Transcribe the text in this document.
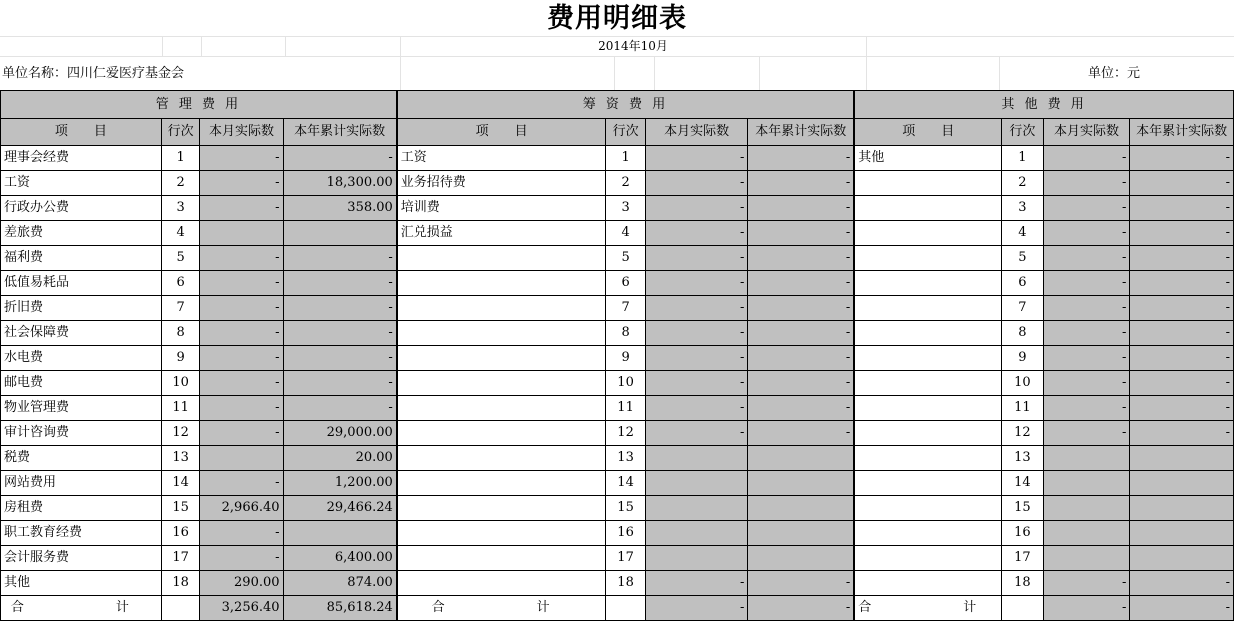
费用明细表
2014年10月
单位名称：四川仁爱医疗基金会	单位：元
管 理 费 用				筹 资 费 用				其 他 费 用			
项　　目	行次	本月实际数	本年累计实际数	项　　目	行次	本月实际数	本年累计实际数	项　　目	行次	本月实际数	本年累计实际数
理事会经费	1	-	-	工资	1	-	-	其他	1	-	-
工资	2	-	18,300.00	业务招待费	2	-	-		2	-	-
行政办公费	3	-	358.00	培训费	3	-	-		3	-	-
差旅费	4			汇兑损益	4	-	-		4	-	-
福利费	5	-	-		5	-	-		5	-	-
低值易耗品	6	-	-		6	-	-		6	-	-
折旧费	7	-	-		7	-	-		7	-	-
社会保障费	8	-	-		8	-	-		8	-	-
水电费	9	-	-		9	-	-		9	-	-
邮电费	10	-	-		10	-	-		10	-	-
物业管理费	11	-	-		11	-	-		11	-	-
审计咨询费	12	-	29,000.00		12	-	-		12	-	-
税费	13		20.00		13				13		
网站费用	14	-	1,200.00		14				14		
房租费	15	2,966.40	29,466.24		15				15		
职工教育经费	16	-			16				16		
会计服务费	17	-	6,400.00		17				17		
其他	18	290.00	874.00		18	-	-		18	-	-
合　　计		3,256.40	85,618.24	合　　计		-	-	合　　计		-	-
